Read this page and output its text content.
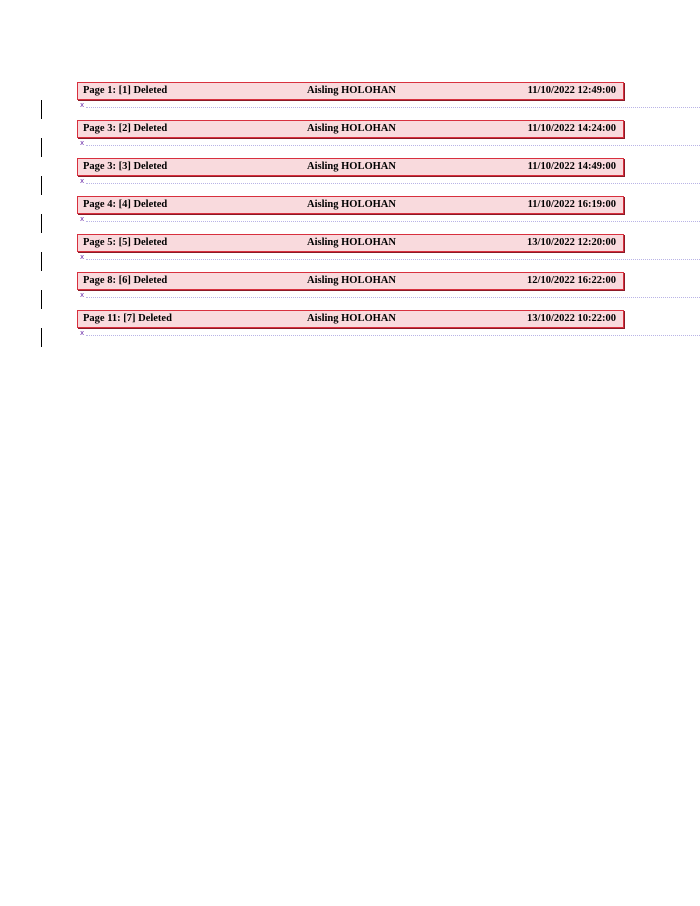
Page 1: [1] Deleted	Aisling HOLOHAN	11/10/2022 12:49:00
x
Page 3: [2] Deleted	Aisling HOLOHAN	11/10/2022 14:24:00
x
Page 3: [3] Deleted	Aisling HOLOHAN	11/10/2022 14:49:00
x
Page 4: [4] Deleted	Aisling HOLOHAN	11/10/2022 16:19:00
x
Page 5: [5] Deleted	Aisling HOLOHAN	13/10/2022 12:20:00
x
Page 8: [6] Deleted	Aisling HOLOHAN	12/10/2022 16:22:00
x
Page 11: [7] Deleted	Aisling HOLOHAN	13/10/2022 10:22:00
x
